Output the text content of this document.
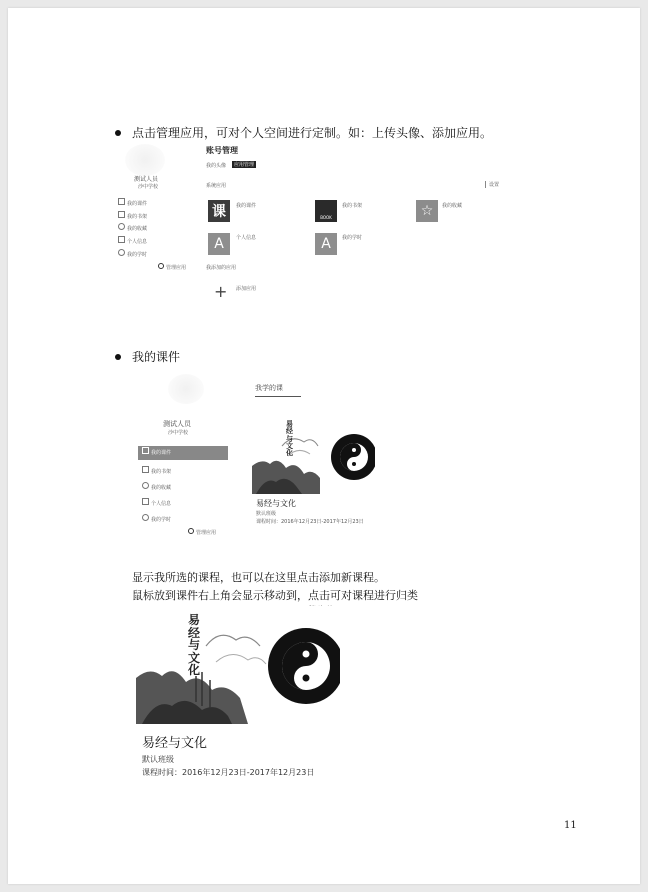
点击管理应用，可对个人空间进行定制。如：上传头像、添加应用。
测试人员
沙中学校
账号管理
我的头像	应用管理
系统应用	设置
我的课件
我的书架
我的收藏
个人信息
我的学时
管理应用
课	我的课件
BOOK
我的书架	☆	我的收藏
A	个人信息	A	我的学时
我添加的应用
+ 添加应用
我的课件
我学的课
测试人员
沙中学校
我的课件
我的书架
我的收藏
个人信息
我的学时
管理应用
易
经
与
文
化
易经与文化
默认班级
课程时间：2016年12月23日-2017年12月23日
显示我所选的课程，也可以在这里点击添加新课程。
鼠标放到课件右上角会显示移动到，点击可对课程进行归类
易
经
与
文
化
易经与文化
默认班级
课程时间：2016年12月23日-2017年12月23日
11
